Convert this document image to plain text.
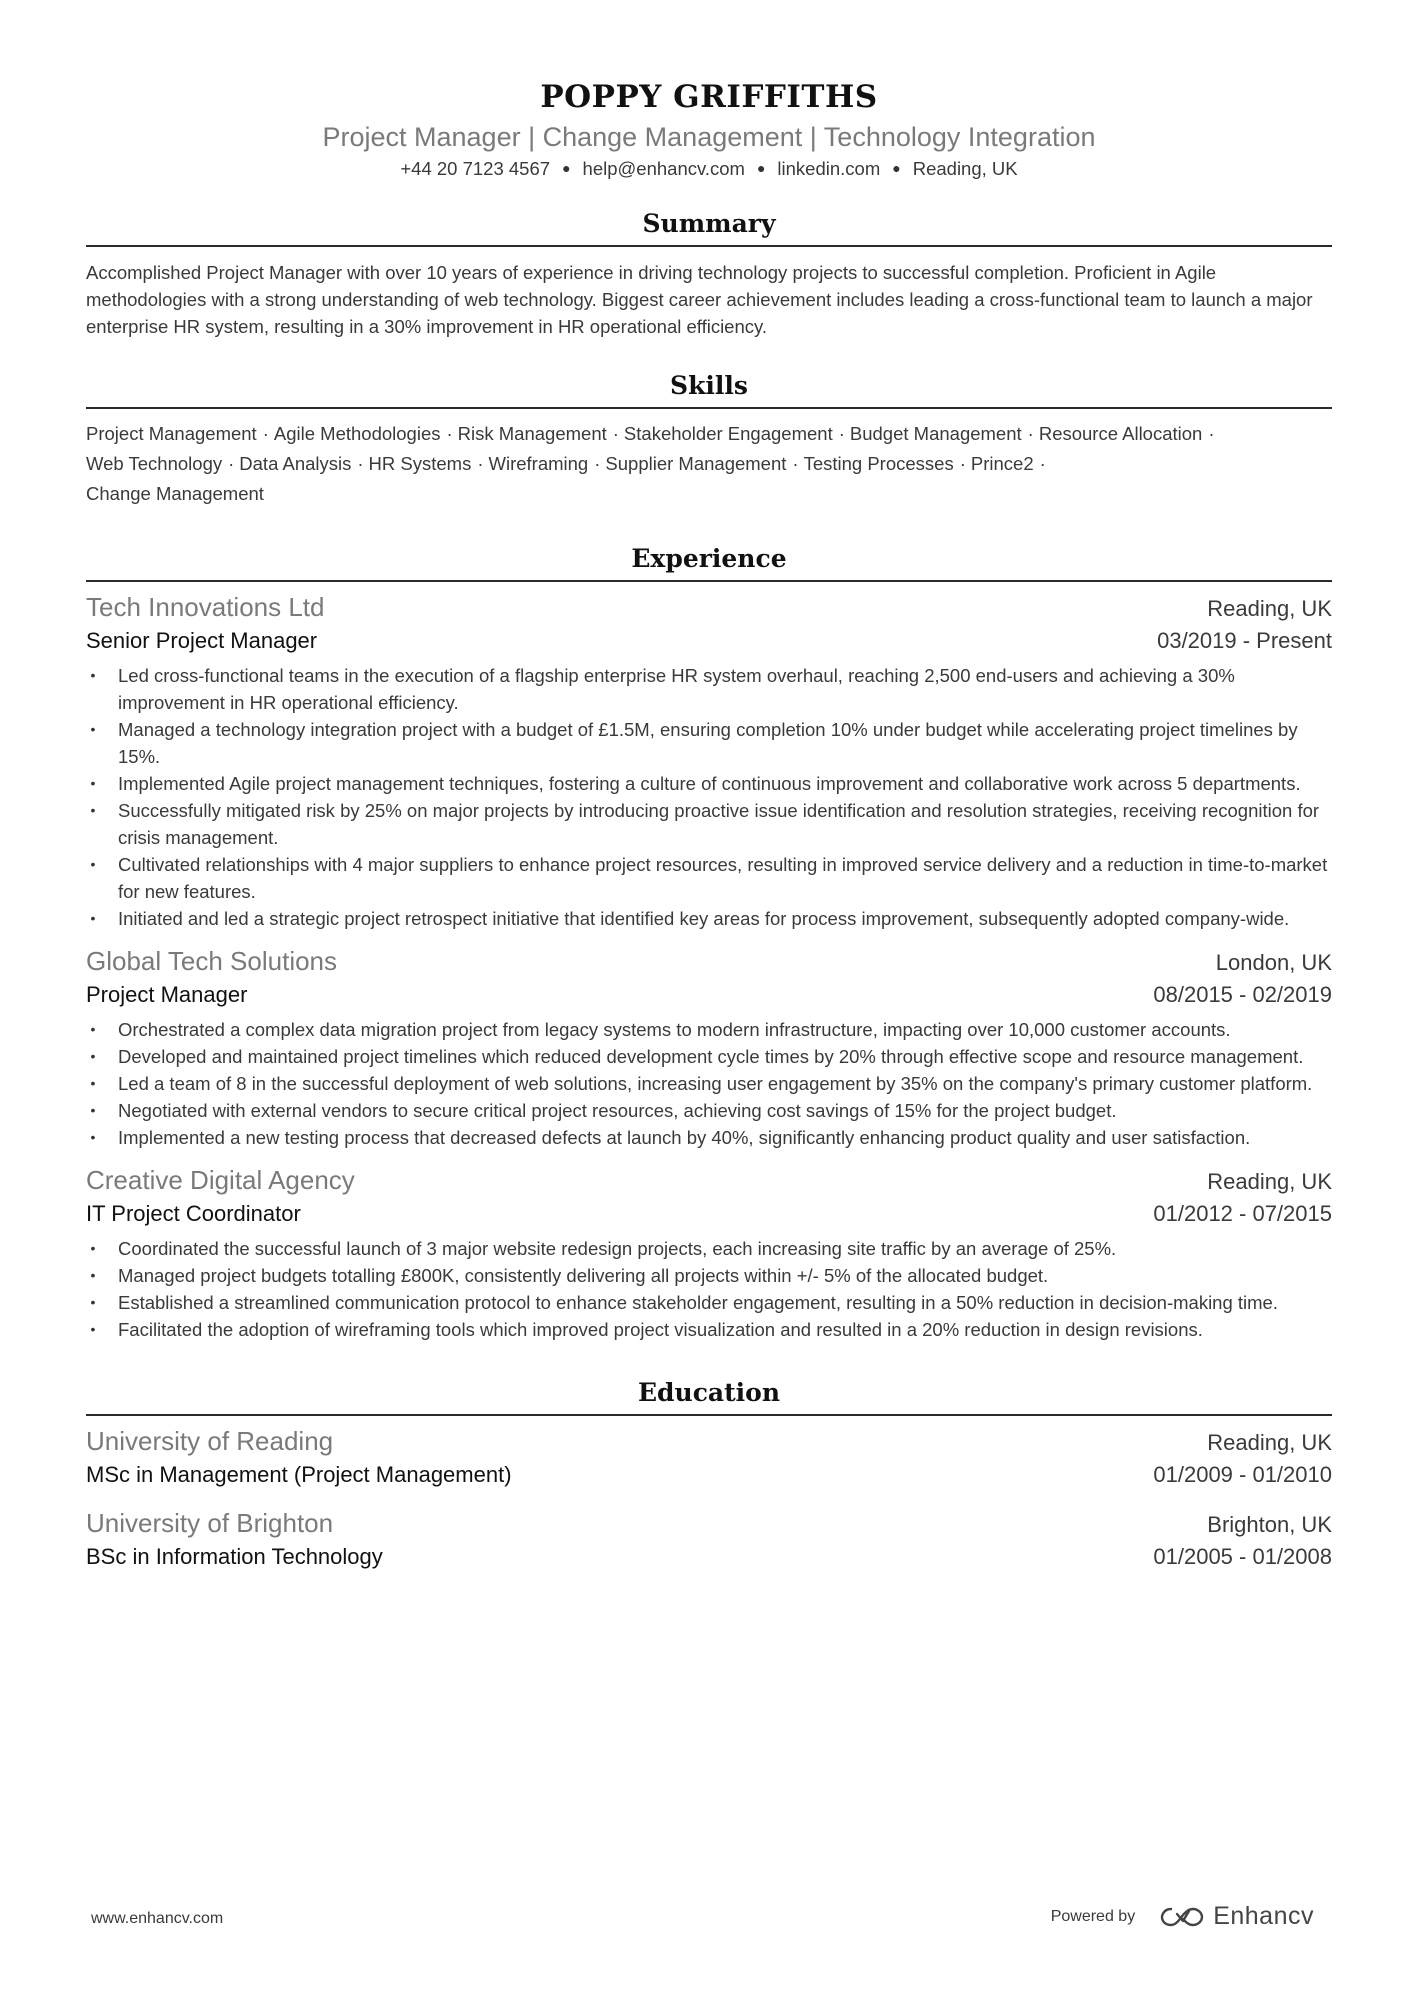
POPPY GRIFFITHS
Project Manager | Change Management | Technology Integration
+44 20 7123 4567 ● help@enhancv.com ● linkedin.com ● Reading, UK
Summary
Accomplished Project Manager with over 10 years of experience in driving technology projects to successful completion. Proficient in Agile methodologies with a strong understanding of web technology. Biggest career achievement includes leading a cross-functional team to launch a major enterprise HR system, resulting in a 30% improvement in HR operational efficiency.
Skills
Project Management · Agile Methodologies · Risk Management · Stakeholder Engagement · Budget Management · Resource Allocation ·
Web Technology · Data Analysis · HR Systems · Wireframing · Supplier Management · Testing Processes · Prince2 ·
Change Management
Experience
Tech Innovations Ltd	Reading, UK
Senior Project Manager	03/2019 - Present
• Led cross-functional teams in the execution of a flagship enterprise HR system overhaul, reaching 2,500 end-users and achieving a 30% improvement in HR operational efficiency.
• Managed a technology integration project with a budget of £1.5M, ensuring completion 10% under budget while accelerating project timelines by 15%.
• Implemented Agile project management techniques, fostering a culture of continuous improvement and collaborative work across 5 departments.
• Successfully mitigated risk by 25% on major projects by introducing proactive issue identification and resolution strategies, receiving recognition for crisis management.
• Cultivated relationships with 4 major suppliers to enhance project resources, resulting in improved service delivery and a reduction in time-to-market for new features.
• Initiated and led a strategic project retrospect initiative that identified key areas for process improvement, subsequently adopted company-wide.
Global Tech Solutions	London, UK
Project Manager	08/2015 - 02/2019
• Orchestrated a complex data migration project from legacy systems to modern infrastructure, impacting over 10,000 customer accounts.
• Developed and maintained project timelines which reduced development cycle times by 20% through effective scope and resource management.
• Led a team of 8 in the successful deployment of web solutions, increasing user engagement by 35% on the company's primary customer platform.
• Negotiated with external vendors to secure critical project resources, achieving cost savings of 15% for the project budget.
• Implemented a new testing process that decreased defects at launch by 40%, significantly enhancing product quality and user satisfaction.
Creative Digital Agency	Reading, UK
IT Project Coordinator	01/2012 - 07/2015
• Coordinated the successful launch of 3 major website redesign projects, each increasing site traffic by an average of 25%.
• Managed project budgets totalling £800K, consistently delivering all projects within +/- 5% of the allocated budget.
• Established a streamlined communication protocol to enhance stakeholder engagement, resulting in a 50% reduction in decision-making time.
• Facilitated the adoption of wireframing tools which improved project visualization and resulted in a 20% reduction in design revisions.
Education
University of Reading	Reading, UK
MSc in Management (Project Management)	01/2009 - 01/2010
University of Brighton	Brighton, UK
BSc in Information Technology	01/2005 - 01/2008
www.enhancv.com	Powered by	Enhancv
